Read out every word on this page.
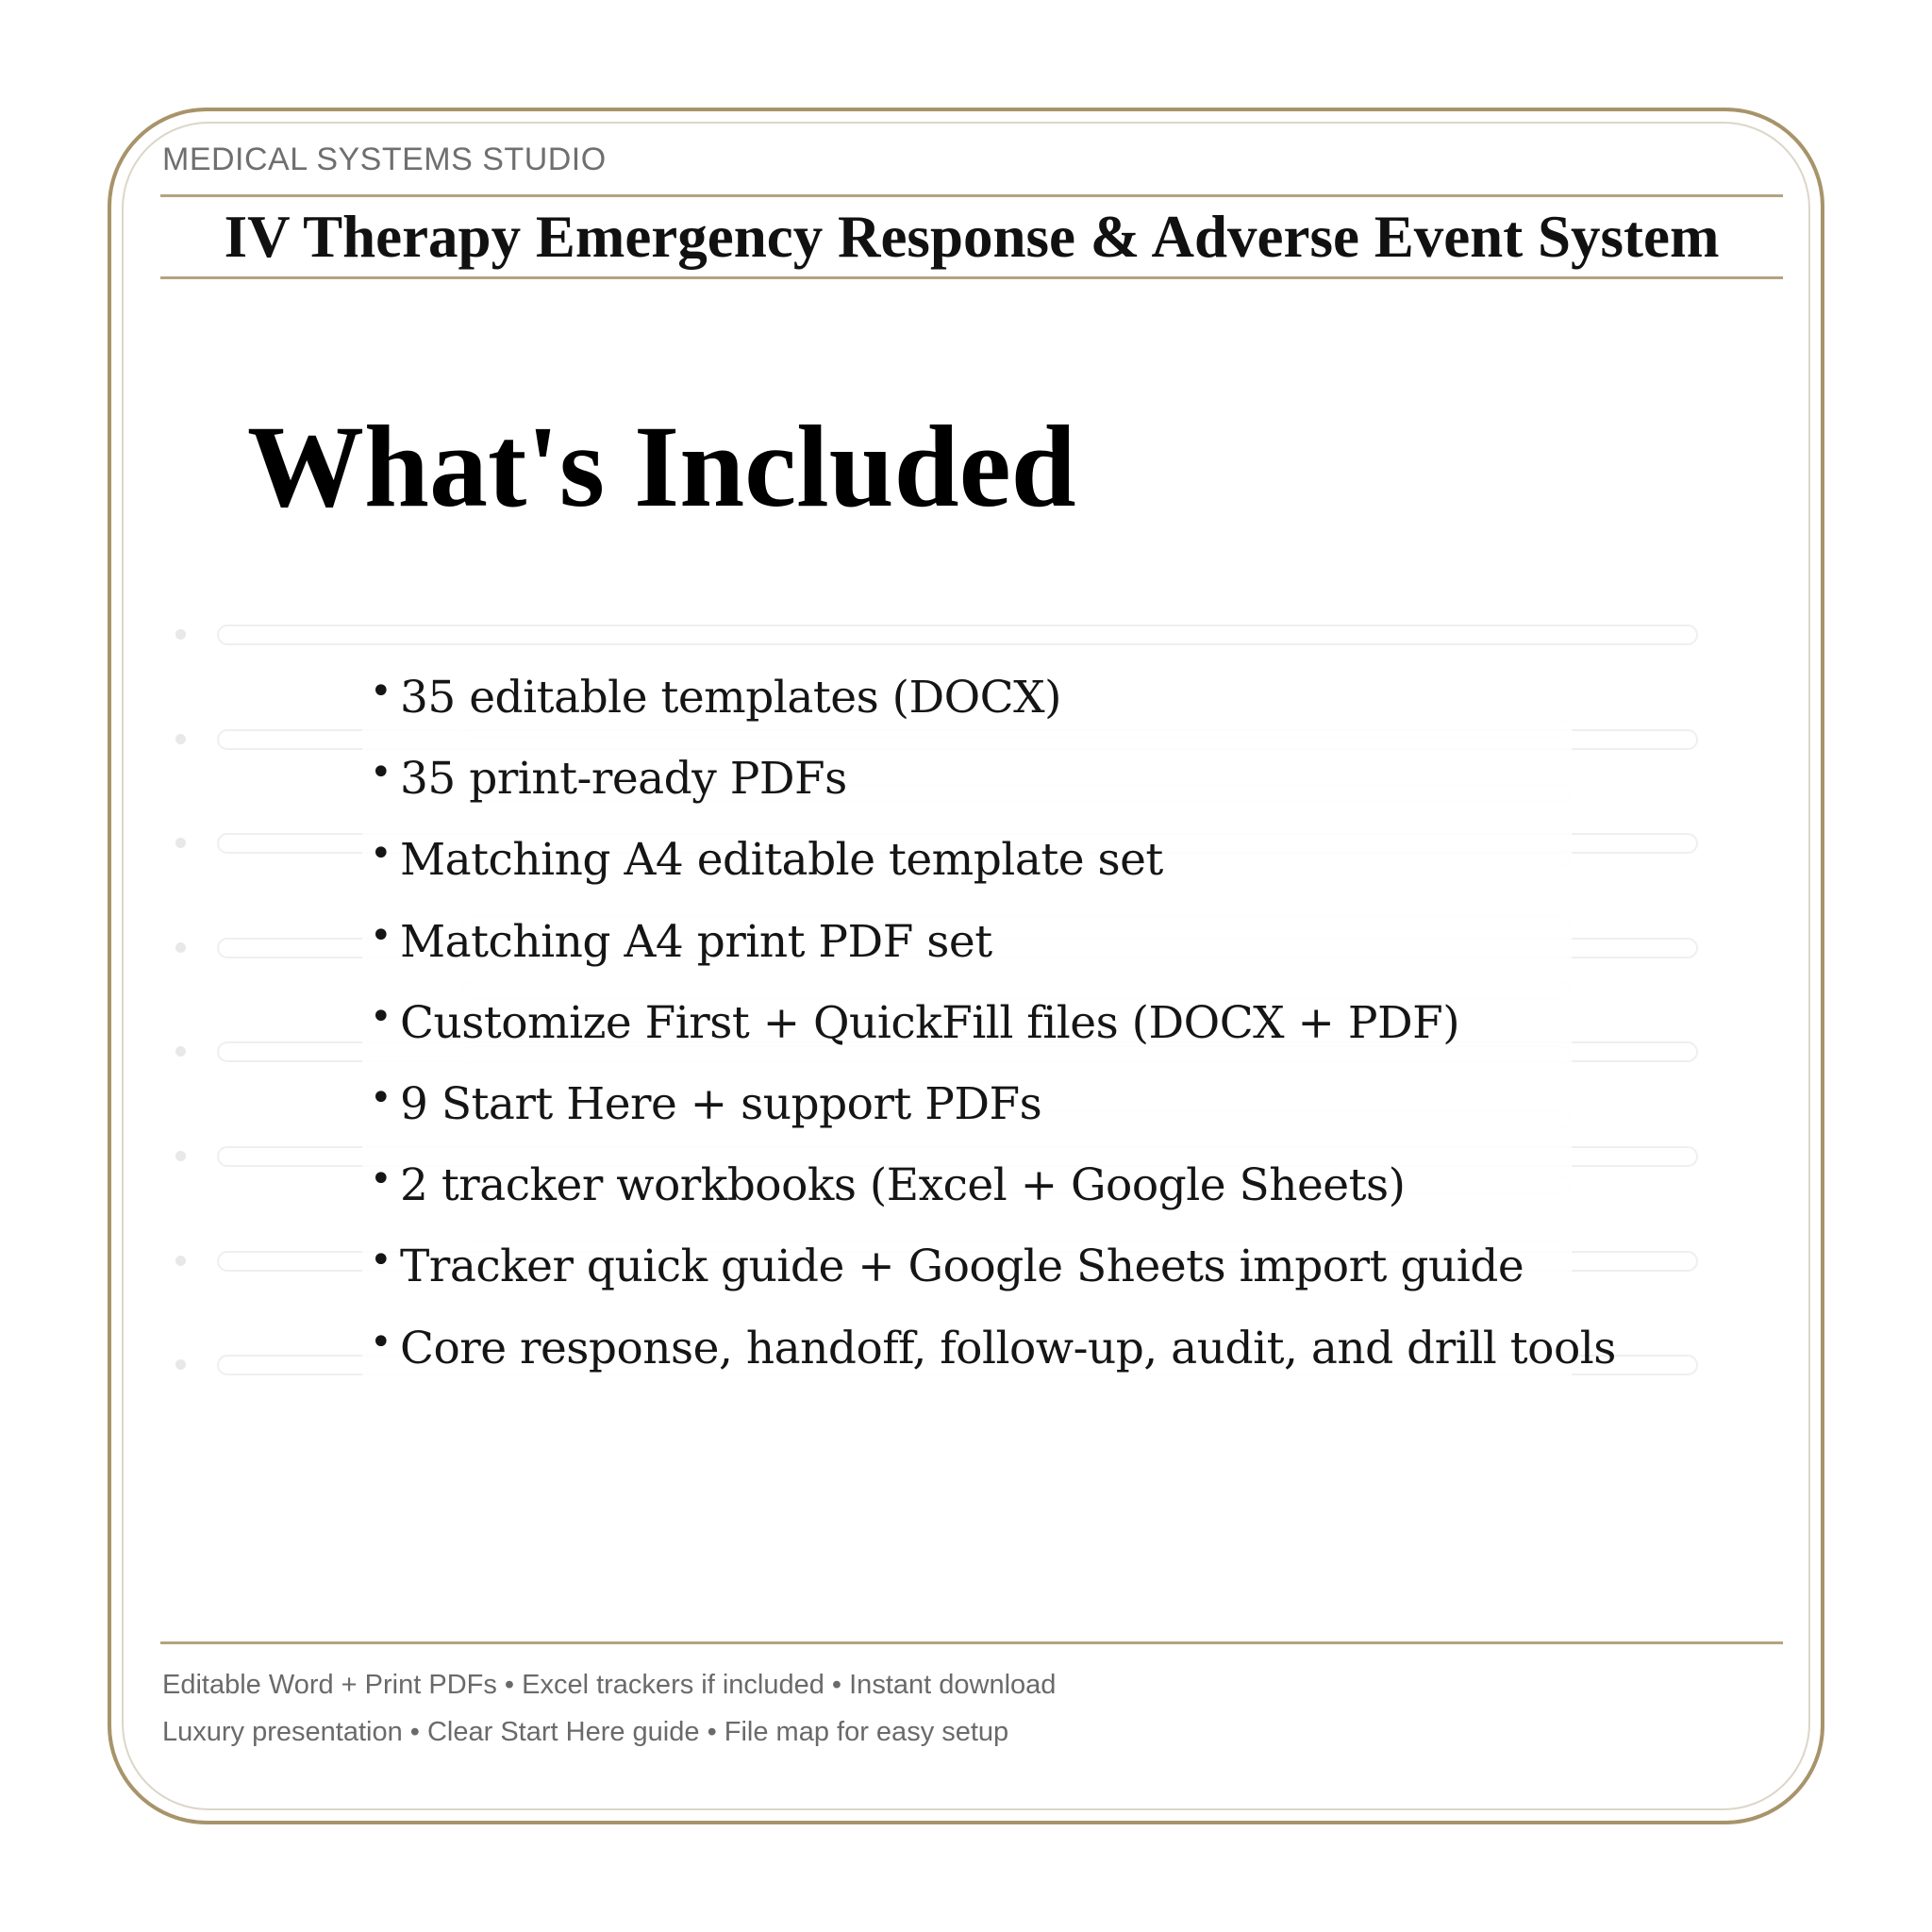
MEDICAL SYSTEMS STUDIO
IV Therapy Emergency Response & Adverse Event System
What's Included
• 35 editable templates (DOCX)
• 35 print-ready PDFs
• Matching A4 editable template set
• Matching A4 print PDF set
• Customize First + QuickFill files (DOCX + PDF)
• 9 Start Here + support PDFs
• 2 tracker workbooks (Excel + Google Sheets)
• Tracker quick guide + Google Sheets import guide
• Core response, handoff, follow-up, audit, and drill tools
Editable Word + Print PDFs • Excel trackers if included • Instant download
Luxury presentation • Clear Start Here guide • File map for easy setup
